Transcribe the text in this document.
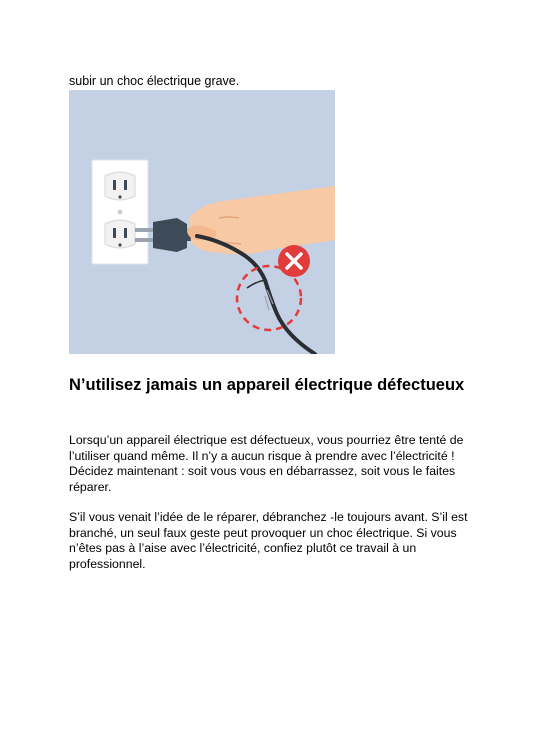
subir un choc électrique grave.
N’utilisez jamais un appareil électrique défectueux

Lorsqu’un appareil électrique est défectueux, vous pourriez être tenté de l’utiliser quand même. Il n’y a aucun risque à prendre avec l’électricité ! Décidez maintenant : soit vous vous en débarrassez, soit vous le faites réparer.

S’il vous venait l’idée de le réparer, débranchez -le toujours avant. S’il est branché, un seul faux geste peut provoquer un choc électrique. Si vous n’êtes pas à l’aise avec l’électricité, confiez plutôt ce travail à un professionnel.
